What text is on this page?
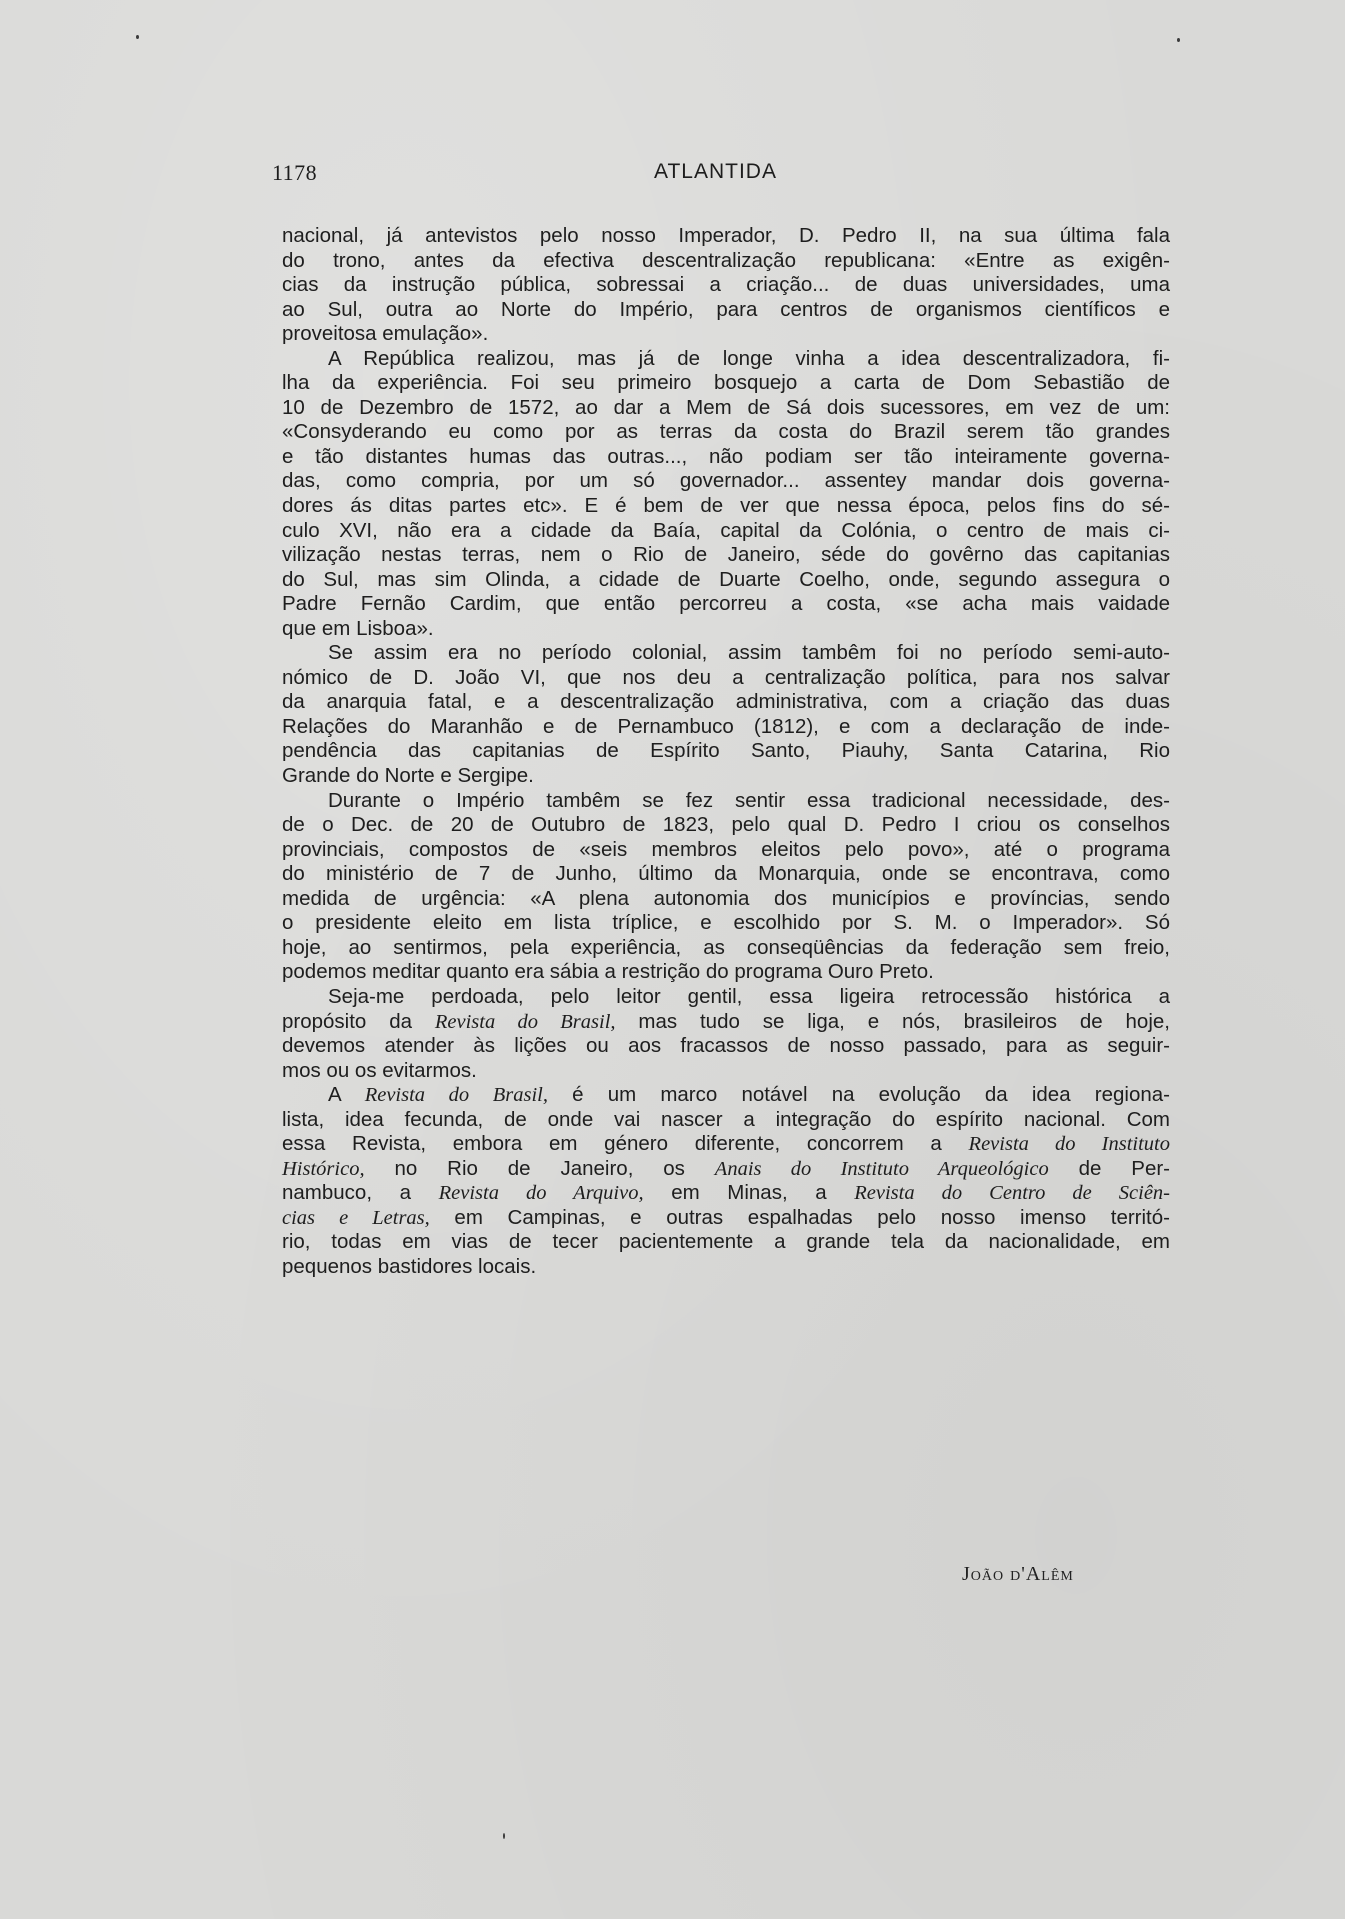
1178	ATLANTIDA
nacional, já antevistos pelo nosso Imperador, D. Pedro II, na sua última fala
do trono, antes da efectiva descentralização republicana: «Entre as exigên-
cias da instrução pública, sobressai a criação... de duas universidades, uma
ao Sul, outra ao Norte do Império, para centros de organismos científicos e
proveitosa emulação».
A República realizou, mas já de longe vinha a idea descentralizadora, fi-
lha da experiência. Foi seu primeiro bosquejo a carta de Dom Sebastião de
10 de Dezembro de 1572, ao dar a Mem de Sá dois sucessores, em vez de um:
«Consyderando eu como por as terras da costa do Brazil serem tão grandes
e tão distantes humas das outras..., não podiam ser tão inteiramente governa-
das, como compria, por um só governador... assentey mandar dois governa-
dores ás ditas partes etc». E é bem de ver que nessa época, pelos fins do sé-
culo XVI, não era a cidade da Baía, capital da Colónia, o centro de mais ci-
vilização nestas terras, nem o Rio de Janeiro, séde do govêrno das capitanias
do Sul, mas sim Olinda, a cidade de Duarte Coelho, onde, segundo assegura o
Padre Fernão Cardim, que então percorreu a costa, «se acha mais vaidade
que em Lisboa».
Se assim era no período colonial, assim tambêm foi no período semi-auto-
nómico de D. João VI, que nos deu a centralização política, para nos salvar
da anarquia fatal, e a descentralização administrativa, com a criação das duas
Relações do Maranhão e de Pernambuco (1812), e com a declaração de inde-
pendência das capitanias de Espírito Santo, Piauhy, Santa Catarina, Rio
Grande do Norte e Sergipe.
Durante o Império tambêm se fez sentir essa tradicional necessidade, des-
de o Dec. de 20 de Outubro de 1823, pelo qual D. Pedro I criou os conselhos
provinciais, compostos de «seis membros eleitos pelo povo», até o programa
do ministério de 7 de Junho, último da Monarquia, onde se encontrava, como
medida de urgência: «A plena autonomia dos municípios e províncias, sendo
o presidente eleito em lista tríplice, e escolhido por S. M. o Imperador». Só
hoje, ao sentirmos, pela experiência, as conseqüências da federação sem freio,
podemos meditar quanto era sábia a restrição do programa Ouro Preto.
Seja-me perdoada, pelo leitor gentil, essa ligeira retrocessão histórica a
propósito da Revista do Brasil, mas tudo se liga, e nós, brasileiros de hoje,
devemos atender às lições ou aos fracassos de nosso passado, para as seguir-
mos ou os evitarmos.
A Revista do Brasil, é um marco notável na evolução da idea regiona-
lista, idea fecunda, de onde vai nascer a integração do espírito nacional. Com
essa Revista, embora em género diferente, concorrem a Revista do Instituto
Histórico, no Rio de Janeiro, os Anais do Instituto Arqueológico de Per-
nambuco, a Revista do Arquivo, em Minas, a Revista do Centro de Sciên-
cias e Letras, em Campinas, e outras espalhadas pelo nosso imenso territó-
rio, todas em vias de tecer pacientemente a grande tela da nacionalidade, em
pequenos bastidores locais.
João d'Alêm
